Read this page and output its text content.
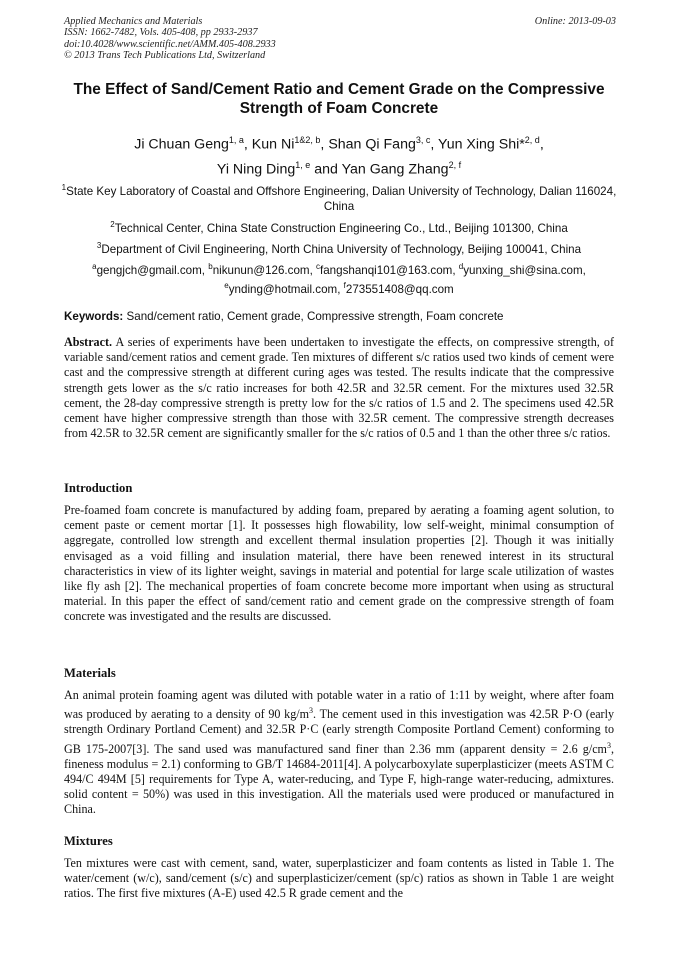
Applied Mechanics and Materials
ISSN: 1662-7482, Vols. 405-408, pp 2933-2937
doi:10.4028/www.scientific.net/AMM.405-408.2933
© 2013 Trans Tech Publications Ltd, Switzerland
Online: 2013-09-03
The Effect of Sand/Cement Ratio and Cement Grade on the Compressive Strength of Foam Concrete
Ji Chuan Geng$^{1, a}$, Kun $Ni^{1\&2, b}$, Shan Qi Fang$^{3, c}$, Yun Xing Shi*$^{2, d}$,
Yi Ning Ding$^{1, e}$ and Yan Gang Zhang$^{2, f}$
$^1$State Key Laboratory of Coastal and Offshore Engineering, Dalian University of Technology, Dalian 116024, China
$^2$Technical Center, China State Construction Engineering Co., Ltd., Beijing 101300, China
$^3$Department of Civil Engineering, North China University of Technology, Beijing 100041, China
$^a$gengjch@gmail.com, $^b$nikunun@126.com, $^c$fangshanqi101@163.com, $^d$yunxing_shi@sina.com,
$^e$ynding@hotmail.com, $^f$273551408@qq.com
Keywords: Sand/cement ratio, Cement grade, Compressive strength, Foam concrete
Abstract. A series of experiments have been undertaken to investigate the effects, on compressive strength, of variable sand/cement ratios and cement grade. Ten mixtures of different s/c ratios used two kinds of cement were cast and the compressive strength at different curing ages was tested. The results indicate that the compressive strength gets lower as the s/c ratio increases for both 42.5R and 32.5R cement. For the mixtures used 32.5R cement, the 28-day compressive strength is pretty low for the s/c ratios of 1.5 and 2. The specimens used 42.5R cement have higher compressive strength than those with 32.5R cement. The compressive strength decreases from 42.5R to 32.5R cement are significantly smaller for the s/c ratios of 0.5 and 1 than the other three s/c ratios.
Introduction
Pre-foamed foam concrete is manufactured by adding foam, prepared by aerating a foaming agent solution, to cement paste or cement mortar [1]. It possesses high flowability, low self-weight, minimal consumption of aggregate, controlled low strength and excellent thermal insulation properties [2]. Though it was initially envisaged as a void filling and insulation material, there have been renewed interest in its structural characteristics in view of its lighter weight, savings in material and potential for large scale utilization of wastes like fly ash [2]. The mechanical properties of foam concrete become more important when using as structural material. In this paper the effect of sand/cement ratio and cement grade on the compressive strength of foam concrete was investigated and the results are discussed.
Materials
An animal protein foaming agent was diluted with potable water in a ratio of 1:11 by weight, where after foam was produced by aerating to a density of 90 $kg/m^3$. The cement used in this investigation was 42.5R P·O (early strength Ordinary Portland Cement) and 32.5R P·C (early strength Composite Portland Cement) conforming to GB 175-2007[3]. The sand used was manufactured sand finer than 2.36 mm (apparent density = 2.6 $g/cm^3$, fineness modulus = 2.1) conforming to GB/T 14684-2011[4]. A polycarboxylate superplasticizer (meets ASTM C 494/C 494M [5] requirements for Type A, water-reducing, and Type F, high-range water-reducing, admixtures. solid content = 50%) was used in this investigation. All the materials used were produced or manufactured in China.
Mixtures
Ten mixtures were cast with cement, sand, water, superplasticizer and foam contents as listed in Table 1. The water/cement (w/c), sand/cement (s/c) and superplasticizer/cement (sp/c) ratios as shown in Table 1 are weight ratios. The first five mixtures (A-E) used 42.5 R grade cement and the
